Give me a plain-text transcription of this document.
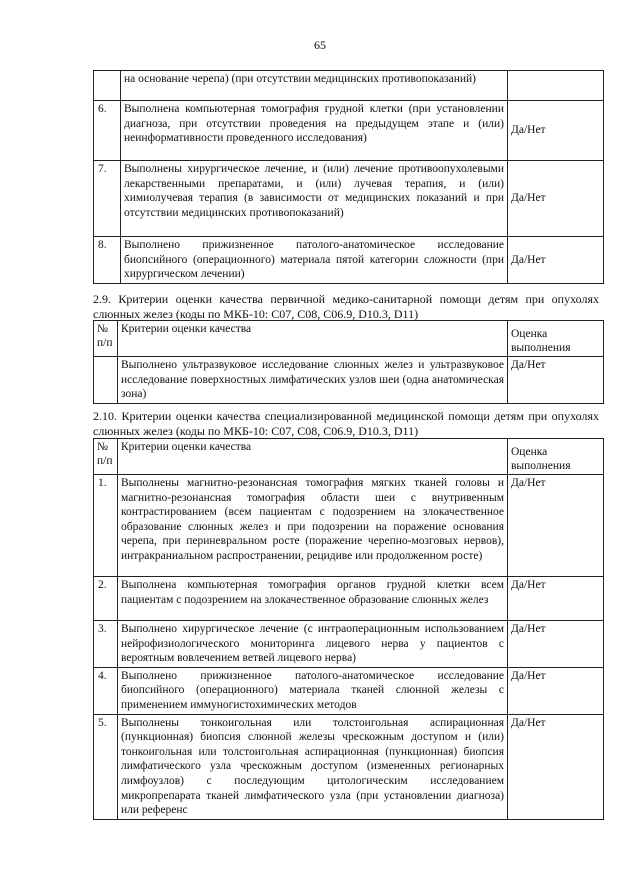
65
	на основание черепа) (при отсутствии медицинских противопоказаний)	
6.	Выполнена компьютерная томография грудной клетки (при установлении диагноза, при отсутствии проведения на предыдущем этапе и (или) неинформативности проведенного исследования)	Да/Нет
7.	Выполнены хирургическое лечение, и (или) лечение противоопухолевыми лекарственными препаратами, и (или) лучевая терапия, и (или) химиолучевая терапия (в зависимости от медицинских показаний и при отсутствии медицинских противопоказаний)	Да/Нет
8.	Выполнено прижизненное патолого-анатомическое исследование биопсийного (операционного) материала пятой категории сложности (при хирургическом лечении)	Да/Нет
2.9. Критерии оценки качества первичной медико-санитарной помощи детям при опухолях слюнных желез (коды по МКБ-10: С07, С08, С06.9, D10.3, D11)
№ п/п	Критерии оценки качества	Оценка выполнения
	Выполнено ультразвуковое исследование слюнных желез и ультразвуковое исследование поверхностных лимфатических узлов шеи (одна анатомическая зона)	Да/Нет
2.10. Критерии оценки качества специализированной медицинской помощи детям при опухолях слюнных желез (коды по МКБ-10: С07, С08, С06.9, D10.3, D11)
№ п/п	Критерии оценки качества	Оценка выполнения
1.	Выполнены магнитно-резонансная томография мягких тканей головы и магнитно-резонансная томография области шеи с внутривенным контрастированием (всем пациентам с подозрением на злокачественное образование слюнных желез и при подозрении на поражение основания черепа, при периневральном росте (поражение черепно-мозговых нервов), интракраниальном распространении, рецидиве или продолженном росте)	Да/Нет
2.	Выполнена компьютерная томография органов грудной клетки всем пациентам с подозрением на злокачественное образование слюнных желез	Да/Нет
3.	Выполнено хирургическое лечение (с интраоперационным использованием нейрофизиологического мониторинга лицевого нерва у пациентов с вероятным вовлечением ветвей лицевого нерва)	Да/Нет
4.	Выполнено прижизненное патолого-анатомическое исследование биопсийного (операционного) материала тканей слюнной железы с применением иммуногистохимических методов	Да/Нет
5.	Выполнены тонкоигольная или толстоигольная аспирационная (пункционная) биопсия слюнной железы чрескожным доступом и (или) тонкоигольная или толстоигольная аспирационная (пункционная) биопсия лимфатического узла чрескожным доступом (измененных регионарных лимфоузлов) с последующим цитологическим исследованием микропрепарата тканей лимфатического узла (при установлении диагноза) или референс	Да/Нет
